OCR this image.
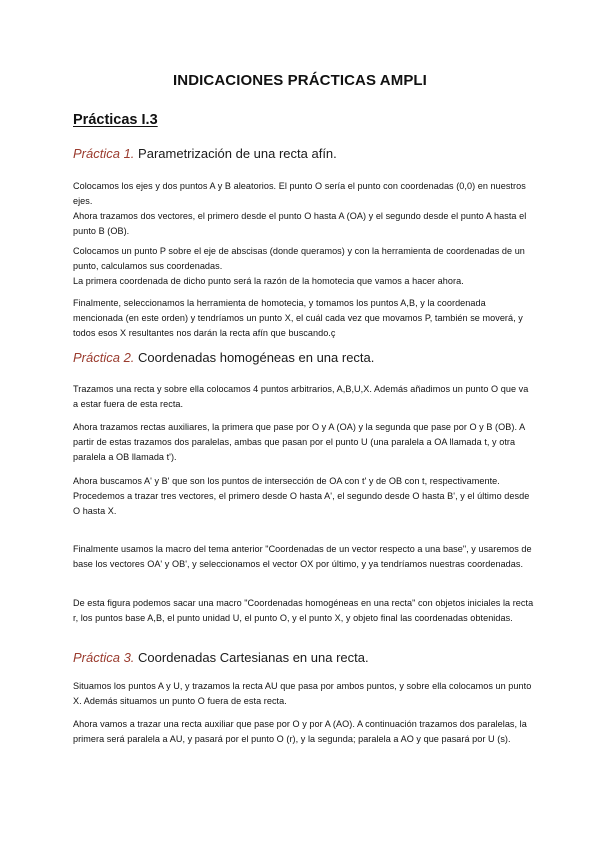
INDICACIONES PRÁCTICAS AMPLI
Prácticas I.3
Práctica 1. Parametrización de una recta afín.
Colocamos los ejes y dos puntos A y B aleatorios. El punto O sería el punto con coordenadas (0,0) en nuestros ejes.
Ahora trazamos dos vectores, el primero desde el punto O hasta A (OA) y el segundo desde el punto A hasta el punto B (OB).
Colocamos un punto P sobre el eje de abscisas (donde queramos) y con la herramienta de coordenadas de un punto, calculamos sus coordenadas.
La primera coordenada de dicho punto será la razón de la homotecia que vamos a hacer ahora.
Finalmente, seleccionamos la herramienta de homotecia, y tomamos los puntos A,B, y la coordenada mencionada (en este orden) y tendríamos un punto X, el cuál cada vez que movamos P, también se moverá, y todos esos X resultantes nos darán la recta afín que buscando.ç
Práctica 2. Coordenadas homogéneas en una recta.
Trazamos una recta y sobre ella colocamos 4 puntos arbitrarios, A,B,U,X. Además añadimos un punto O que va a estar fuera de esta recta.
Ahora trazamos rectas auxiliares, la primera que pase por O y A (OA) y la segunda que pase por O y B (OB). A partir de estas trazamos dos paralelas, ambas que pasan por el punto U (una paralela a OA llamada t, y otra paralela a OB llamada t').
Ahora buscamos A' y B' que son los puntos de intersección de OA con t' y de OB con t, respectivamente.
Procedemos a trazar tres vectores, el primero desde O hasta A', el segundo desde O hasta B', y el último desde O hasta X.
Finalmente usamos la macro del tema anterior "Coordenadas de un vector respecto a una base", y usaremos de base los vectores OA' y OB', y seleccionamos el vector OX por último, y ya tendríamos nuestras coordenadas.
De esta figura podemos sacar una macro "Coordenadas homogéneas en una recta" con objetos iniciales la recta r, los puntos base A,B, el punto unidad U, el punto O, y el punto X, y objeto final las coordenadas obtenidas.
Práctica 3. Coordenadas Cartesianas en una recta.
Situamos los puntos A y U, y trazamos la recta AU que pasa por ambos puntos, y sobre ella colocamos un punto X. Además situamos un punto O fuera de esta recta.
Ahora vamos a trazar una recta auxiliar que pase por O y por A (AO). A continuación trazamos dos paralelas, la primera será paralela a AU, y pasará por el punto O (r), y la segunda; paralela a AO y que pasará por U (s).
